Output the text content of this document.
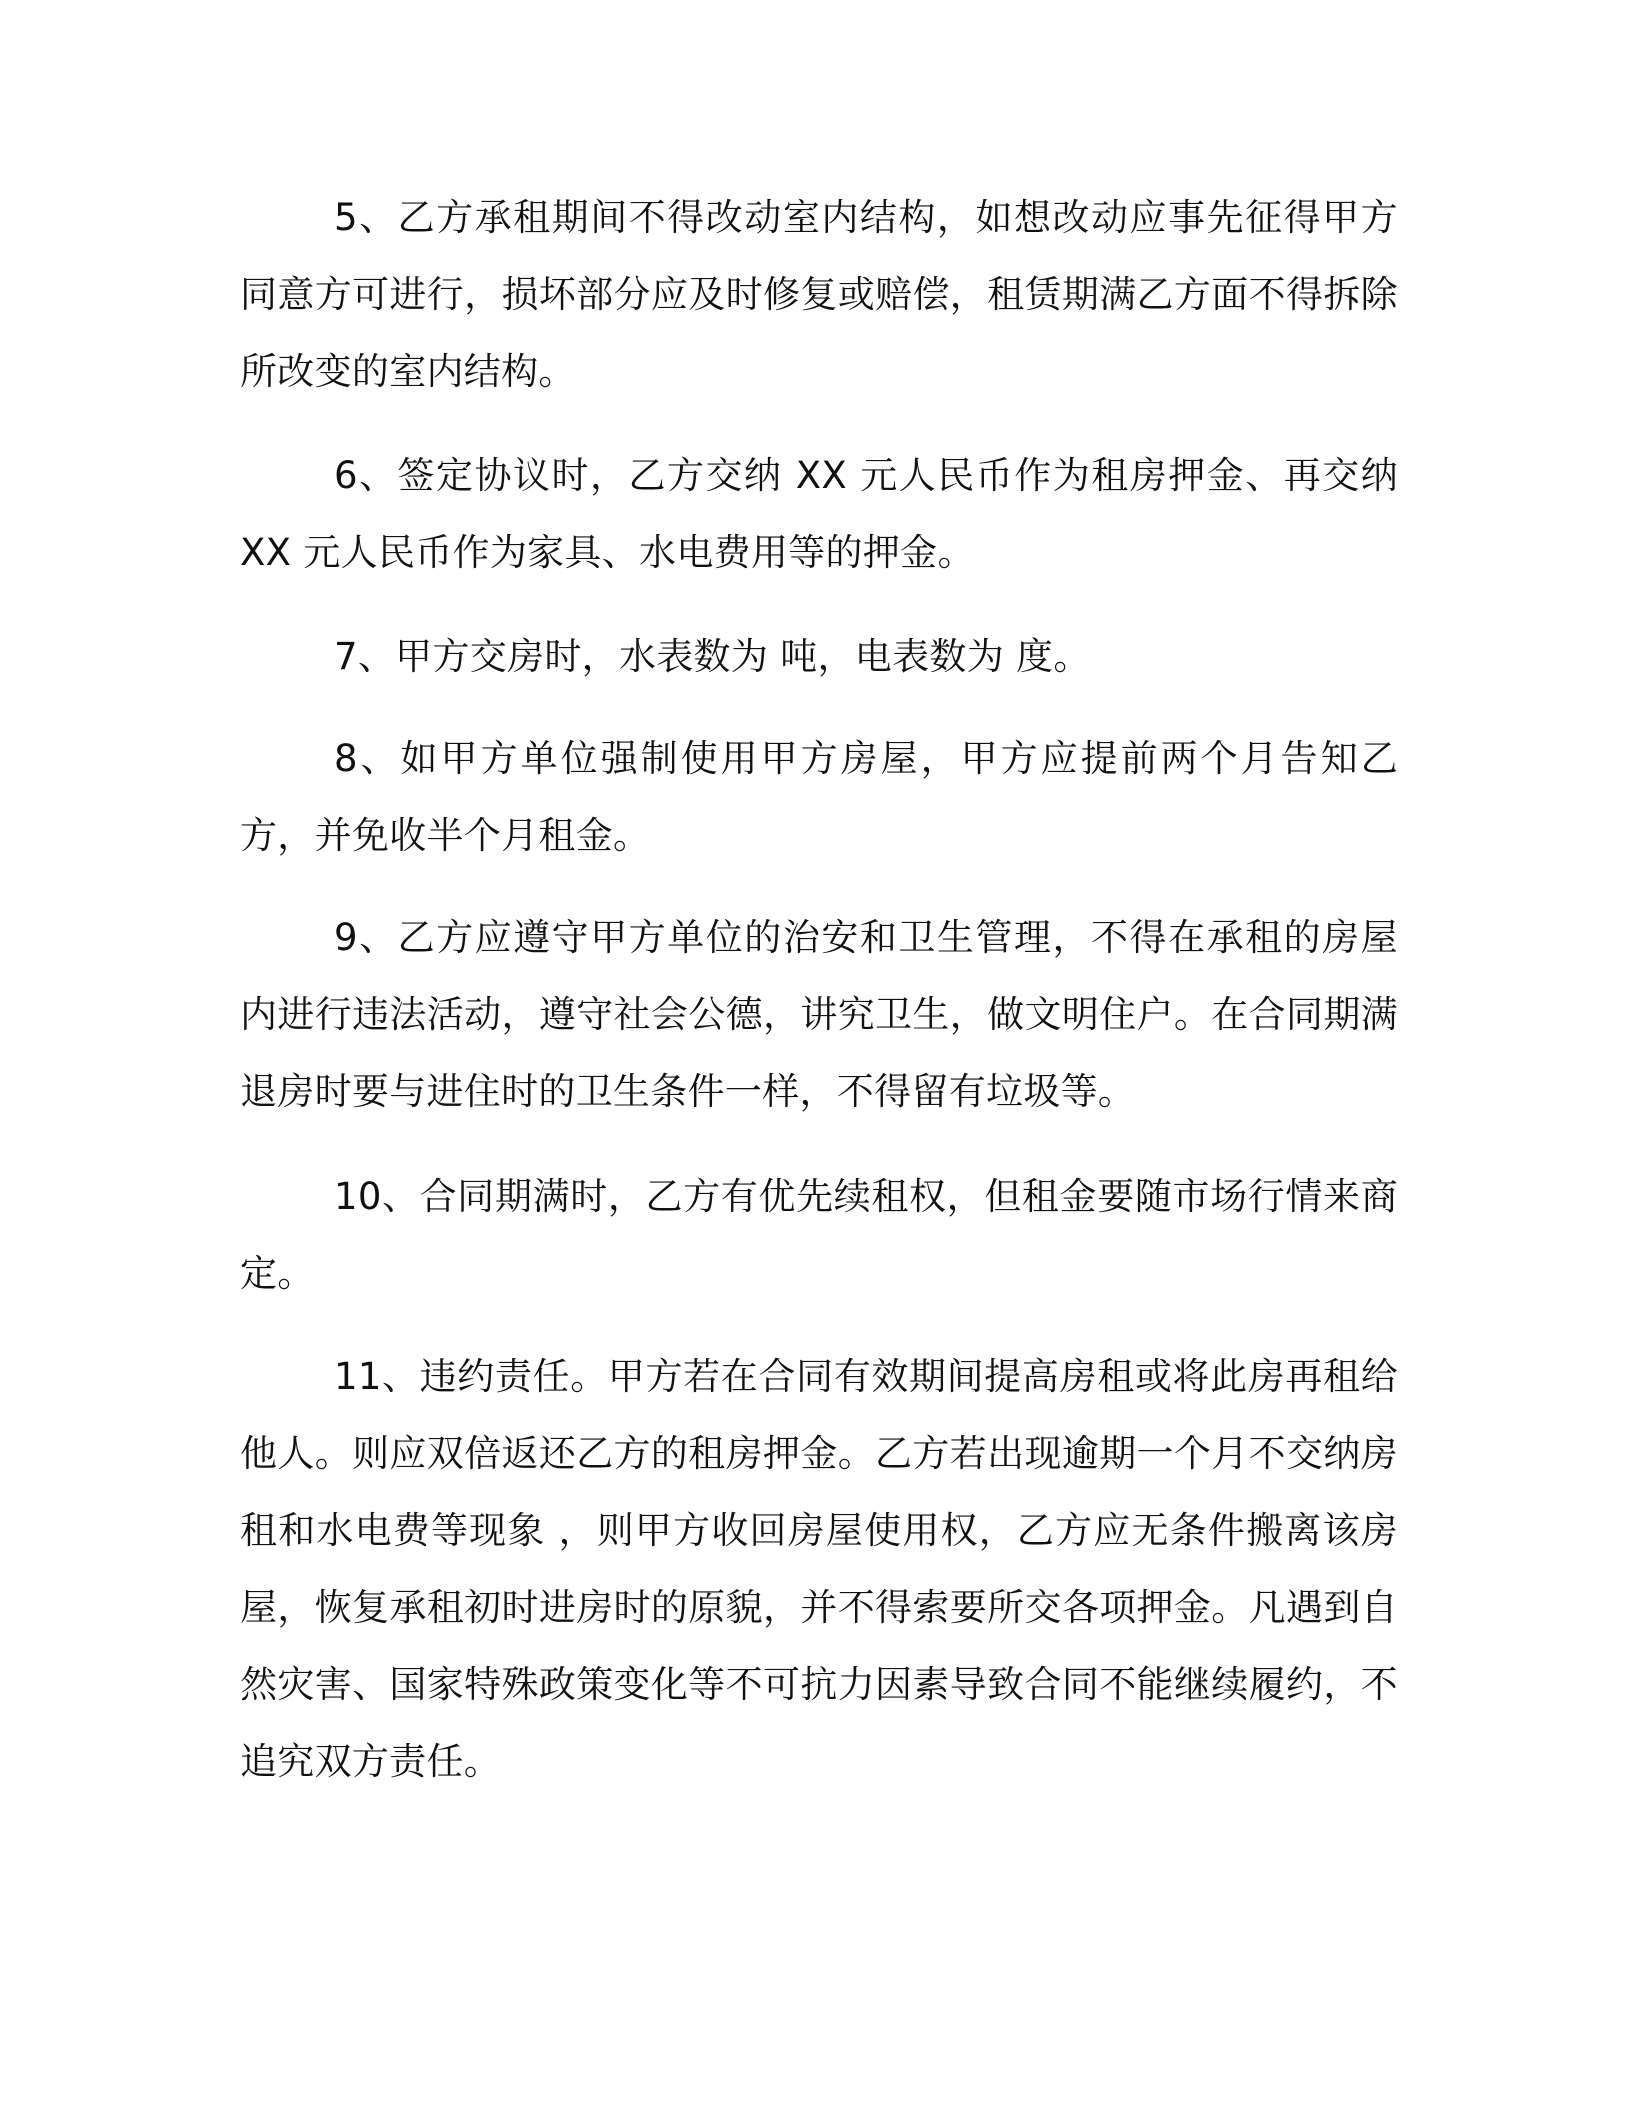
5、乙方承租期间不得改动室内结构，如想改动应事先征得甲方同意方可进行，损坏部分应及时修复或赔偿，租赁期满乙方面不得拆除所改变的室内结构。

6、签定协议时，乙方交纳 XX 元人民币作为租房押金、再交纳 XX 元人民币作为家具、水电费用等的押金。

7、甲方交房时，水表数为 吨，电表数为 度。

8、如甲方单位强制使用甲方房屋，甲方应提前两个月告知乙方，并免收半个月租金。

9、乙方应遵守甲方单位的治安和卫生管理，不得在承租的房屋内进行违法活动，遵守社会公德，讲究卫生，做文明住户。在合同期满退房时要与进住时的卫生条件一样，不得留有垃圾等。

10、合同期满时，乙方有优先续租权，但租金要随市场行情来商定。

11、违约责任。甲方若在合同有效期间提高房租或将此房再租给他人。则应双倍返还乙方的租房押金。乙方若出现逾期一个月不交纳房租和水电费等现象 ，则甲方收回房屋使用权，乙方应无条件搬离该房屋，恢复承租初时进房时的原貌，并不得索要所交各项押金。凡遇到自然灾害、国家特殊政策变化等不可抗力因素导致合同不能继续履约，不追究双方责任。
